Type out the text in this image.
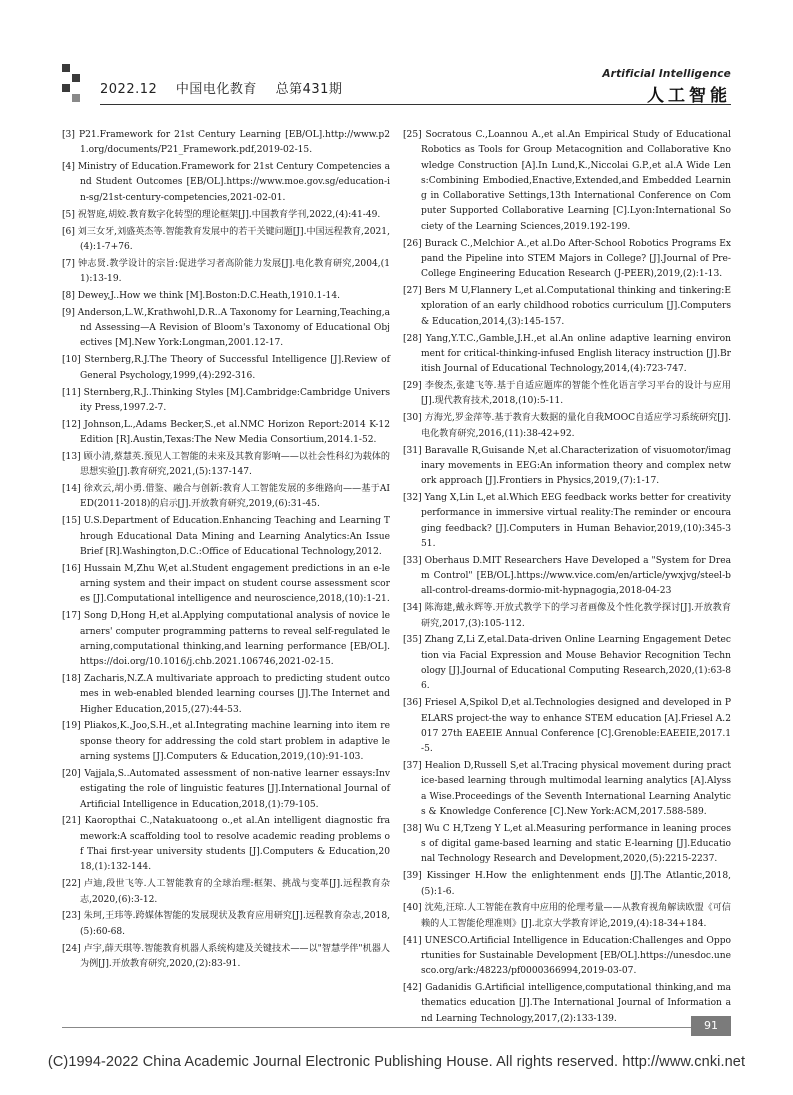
2022.12 中国电化教育 总第431期
Artificial Intelligence
人工智能

[3] P21.Framework for 21st Century Learning [EB/OL].http://www.p21.org/documents/P21_Framework.pdf,2019-02-15.

[4] Ministry of Education.Framework for 21st Century Competencies and Student Outcomes [EB/OL].https://www.moe.gov.sg/education-in-sg/21st-century-competencies,2021-02-01.

[5] 祝智庭,胡姣.教育数字化转型的理论框架[J].中国教育学刊,2022,(4):41-49.

[6] 刘三女牙,刘盛英杰等.智能教育发展中的若干关键问题[J].中国远程教育,2021,(4):1-7+76.

[7] 钟志贤.教学设计的宗旨:促进学习者高阶能力发展[J].电化教育研究,2004,(11):13-19.

[8] Dewey,J..How we think [M].Boston:D.C.Heath,1910.1-14.

[9] Anderson,L.W.,Krathwohl,D.R..A Taxonomy for Learning,Teaching,and Assessing—A Revision of Bloom's Taxonomy of Educational Objectives [M].New York:Longman,2001.12-17.

[10] Sternberg,R.J.The Theory of Successful Intelligence [J].Review of General Psychology,1999,(4):292-316.

[11] Sternberg,R.J..Thinking Styles [M].Cambridge:Cambridge University Press,1997.2-7.

[12] Johnson,L.,Adams Becker,S.,et al.NMC Horizon Report:2014 K-12 Edition [R].Austin,Texas:The New Media Consortium,2014.1-52.

[13] 顾小清,蔡慧英.预见人工智能的未来及其教育影响——以社会性科幻为载体的思想实验[J].教育研究,2021,(5):137-147.

[14] 徐欢云,胡小勇.借鉴、融合与创新:教育人工智能发展的多维路向——基于AIED(2011-2018)的启示[J].开放教育研究,2019,(6):31-45.

[15] U.S.Department of Education.Enhancing Teaching and Learning Through Educational Data Mining and Learning Analytics:An Issue Brief [R].Washington,D.C.:Office of Educational Technology,2012.

[16] Hussain M,Zhu W,et al.Student engagement predictions in an e-learning system and their impact on student course assessment scores [J].Computational intelligence and neuroscience,2018,(10):1-21.

[17] Song D,Hong H,et al.Applying computational analysis of novice learners' computer programming patterns to reveal self-regulated learning,computational thinking,and learning performance [EB/OL].https://doi.org/10.1016/j.chb.2021.106746,2021-02-15.

[18] Zacharis,N.Z.A multivariate approach to predicting student outcomes in web-enabled blended learning courses [J].The Internet and Higher Education,2015,(27):44-53.

[19] Pliakos,K.,Joo,S.H.,et al.Integrating machine learning into item response theory for addressing the cold start problem in adaptive learning systems [J].Computers & Education,2019,(10):91-103.

[20] Vajjala,S..Automated assessment of non-native learner essays:Investigating the role of linguistic features [J].International Journal of Artificial Intelligence in Education,2018,(1):79-105.

[21] Kaoropthai C.,Natakuatoong o.,et al.An intelligent diagnostic framework:A scaffolding tool to resolve academic reading problems of Thai first-year university students [J].Computers & Education,2018,(1):132-144.

[22] 卢迪,段世飞等.人工智能教育的全球治理:框架、挑战与变革[J].远程教育杂志,2020,(6):3-12.

[23] 朱珂,王玮等.跨媒体智能的发展现状及教育应用研究[J].远程教育杂志,2018,(5):60-68.

[24] 卢宇,薛天琪等.智能教育机器人系统构建及关键技术——以"智慧学伴"机器人为例[J].开放教育研究,2020,(2):83-91.

[25] Socratous C.,Loannou A.,et al.An Empirical Study of Educational Robotics as Tools for Group Metacognition and Collaborative Knowledge Construction [A].In Lund,K.,Niccolai G.P.,et al.A Wide Lens:Combining Embodied,Enactive,Extended,and Embedded Learning in Collaborative Settings,13th International Conference on Computer Supported Collaborative Learning [C].Lyon:International Society of the Learning Sciences,2019.192-199.

[26] Burack C.,Melchior A.,et al.Do After-School Robotics Programs Expand the Pipeline into STEM Majors in College? [J].Journal of Pre-College Engineering Education Research (J-PEER),2019,(2):1-13.

[27] Bers M U,Flannery L,et al.Computational thinking and tinkering:Exploration of an early childhood robotics curriculum [J].Computers & Education,2014,(3):145-157.

[28] Yang,Y.T.C.,Gamble,J.H.,et al.An online adaptive learning environment for critical-thinking-infused English literacy instruction [J].British Journal of Educational Technology,2014,(4):723-747.

[29] 李俊杰,张建飞等.基于自适应题库的智能个性化语言学习平台的设计与应用[J].现代教育技术,2018,(10):5-11.

[30] 方海光,罗金萍等.基于教育大数据的量化自我MOOC自适应学习系统研究[J].电化教育研究,2016,(11):38-42+92.

[31] Baravalle R,Guisande N,et al.Characterization of visuomotor/imaginary movements in EEG:An information theory and complex network approach [J].Frontiers in Physics,2019,(7):1-17.

[32] Yang X,Lin L,et al.Which EEG feedback works better for creativity performance in immersive virtual reality:The reminder or encouraging feedback? [J].Computers in Human Behavior,2019,(10):345-351.

[33] Oberhaus D.MIT Researchers Have Developed a "System for Dream Control" [EB/OL].https://www.vice.com/en/article/ywxjvg/steel-ball-control-dreams-dormio-mit-hypnagogia,2018-04-23

[34] 陈海建,戴永辉等.开放式教学下的学习者画像及个性化教学探讨[J].开放教育研究,2017,(3):105-112.

[35] Zhang Z,Li Z,etal.Data-driven Online Learning Engagement Detection via Facial Expression and Mouse Behavior Recognition Technology [J].Journal of Educational Computing Research,2020,(1):63-86.

[36] Friesel A,Spikol D,et al.Technologies designed and developed in PELARS project-the way to enhance STEM education [A].Friesel A.2017 27th EAEEIE Annual Conference [C].Grenoble:EAEEIE,2017.1-5.

[37] Healion D,Russell S,et al.Tracing physical movement during practice-based learning through multimodal learning analytics [A].Alyssa Wise.Proceedings of the Seventh International Learning Analytics & Knowledge Conference [C].New York:ACM,2017.588-589.

[38] Wu C H,Tzeng Y L,et al.Measuring performance in leaning process of digital game-based learning and static E-learning [J].Educational Technology Research and Development,2020,(5):2215-2237.

[39] Kissinger H.How the enlightenment ends [J].The Atlantic,2018,(5):1-6.

[40] 沈苑,汪琼.人工智能在教育中应用的伦理考量——从教育视角解读欧盟《可信赖的人工智能伦理准则》[J].北京大学教育评论,2019,(4):18-34+184.

[41] UNESCO.Artificial Intelligence in Education:Challenges and Opportunities for Sustainable Development [EB/OL].https://unesdoc.unesco.org/ark:/48223/pf0000366994,2019-03-07.

[42] Gadanidis G.Artificial intelligence,computational thinking,and mathematics education [J].The International Journal of Information and Learning Technology,2017,(2):133-139.

91
(C)1994-2022 China Academic Journal Electronic Publishing House. All rights reserved. http://www.cnki.net
